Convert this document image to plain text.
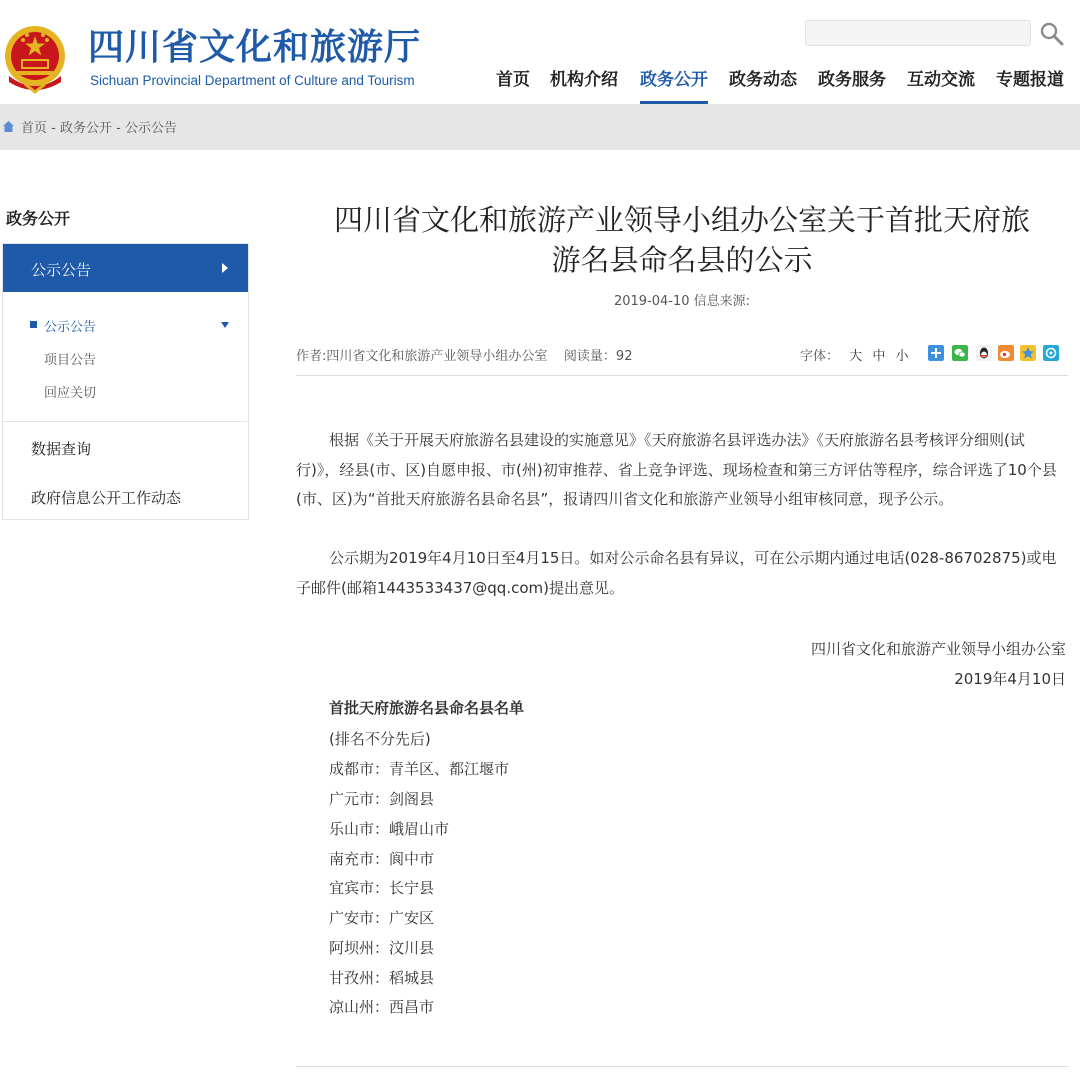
四川省文化和旅游厅
Sichuan Provincial Department of Culture and Tourism	首页 机构介绍 政务公开 政务动态 政务服务 互动交流 专题报道
首页 - 政务公开 - 公示公告
政务公开
公示公告
公示公告
项目公告
回应关切
数据查询
政府信息公开工作动态
四川省文化和旅游产业领导小组办公室关于首批天府旅
游名县命名县的公示
2019-04-10 信息来源:
作者:四川省文化和旅游产业领导小组办公室 阅读量：92	字体： 大 中 小
根据《关于开展天府旅游名县建设的实施意见》《天府旅游名县评选办法》《天府旅游名县考核评分细则(试行)》，经县(市、区)自愿申报、市(州)初审推荐、省上竞争评选、现场检查和第三方评估等程序，综合评选了10个县(市、区)为“首批天府旅游名县命名县”，报请四川省文化和旅游产业领导小组审核同意，现予公示。
公示期为2019年4月10日至4月15日。如对公示命名县有异议，可在公示期内通过电话(028-86702875)或电子邮件(邮箱1443533437@qq.com)提出意见。
四川省文化和旅游产业领导小组办公室
2019年4月10日
首批天府旅游名县命名县名单
(排名不分先后)
成都市：青羊区、都江堰市
广元市：剑阁县
乐山市：峨眉山市
南充市：阆中市
宜宾市：长宁县
广安市：广安区
阿坝州：汶川县
甘孜州：稻城县
凉山州：西昌市
